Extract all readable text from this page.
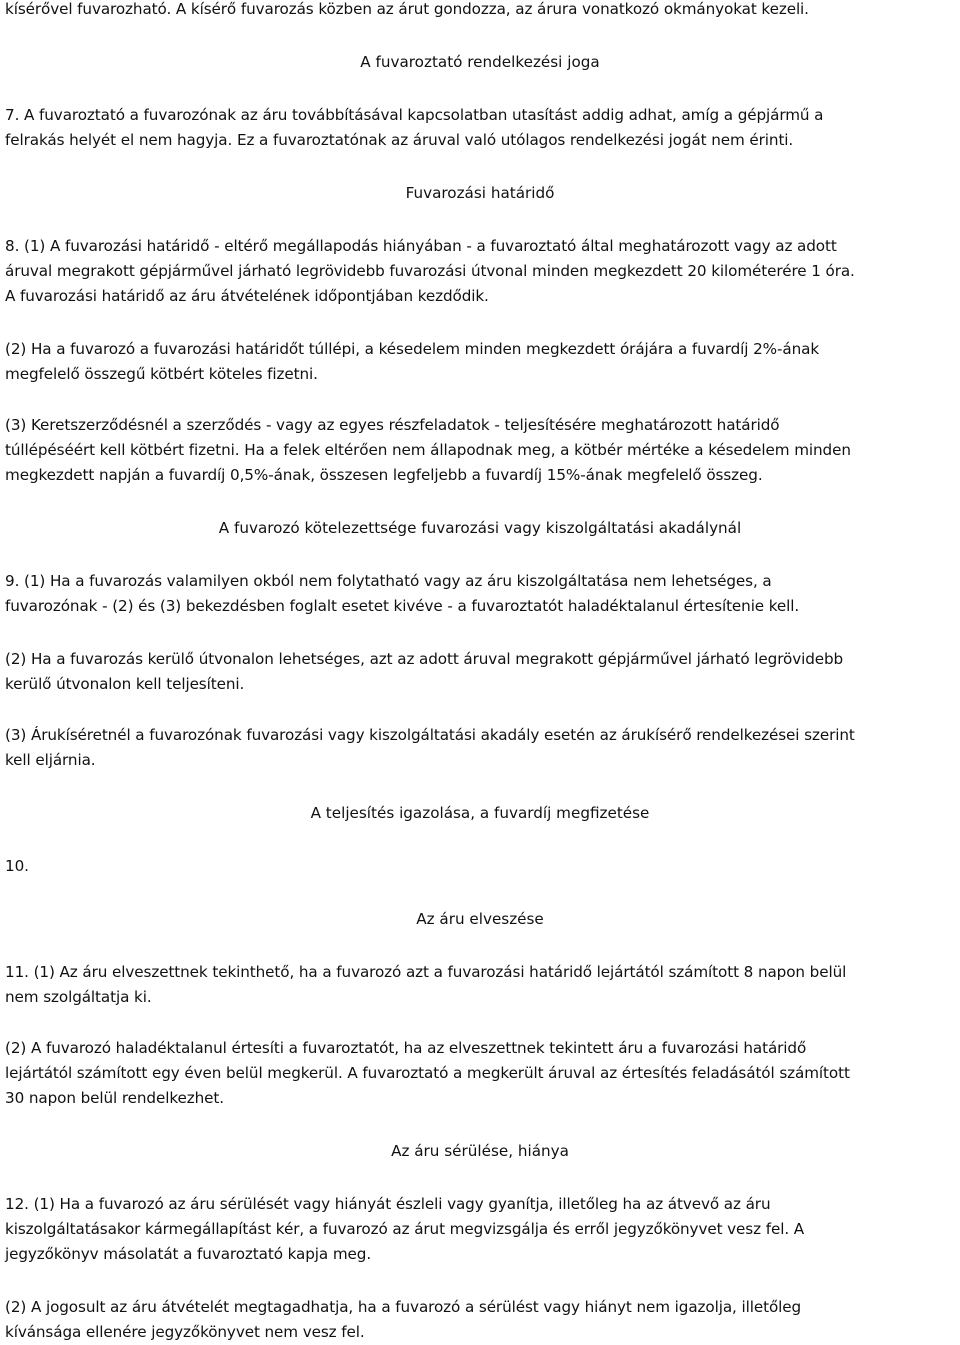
kísérővel fuvarozható. A kísérő fuvarozás közben az árut gondozza, az árura vonatkozó okmányokat kezeli.
A fuvaroztató rendelkezési joga
7. A fuvaroztató a fuvarozónak az áru továbbításával kapcsolatban utasítást addig adhat, amíg a gépjármű a
felrakás helyét el nem hagyja. Ez a fuvaroztatónak az áruval való utólagos rendelkezési jogát nem érinti.
Fuvarozási határidő
8. (1) A fuvarozási határidő - eltérő megállapodás hiányában - a fuvaroztató által meghatározott vagy az adott
áruval megrakott gépjárművel járható legrövidebb fuvarozási útvonal minden megkezdett 20 kilométerére 1 óra.
A fuvarozási határidő az áru átvételének időpontjában kezdődik.
(2) Ha a fuvarozó a fuvarozási határidőt túllépi, a késedelem minden megkezdett órájára a fuvardíj 2%-ának
megfelelő összegű kötbért köteles fizetni.
(3) Keretszerződésnél a szerződés - vagy az egyes részfeladatok - teljesítésére meghatározott határidő
túllépéséért kell kötbért fizetni. Ha a felek eltérően nem állapodnak meg, a kötbér mértéke a késedelem minden
megkezdett napján a fuvardíj 0,5%-ának, összesen legfeljebb a fuvardíj 15%-ának megfelelő összeg.
A fuvarozó kötelezettsége fuvarozási vagy kiszolgáltatási akadálynál
9. (1) Ha a fuvarozás valamilyen okból nem folytatható vagy az áru kiszolgáltatása nem lehetséges, a
fuvarozónak - (2) és (3) bekezdésben foglalt esetet kivéve - a fuvaroztatót haladéktalanul értesítenie kell.
(2) Ha a fuvarozás kerülő útvonalon lehetséges, azt az adott áruval megrakott gépjárművel járható legrövidebb
kerülő útvonalon kell teljesíteni.
(3) Árukíséretnél a fuvarozónak fuvarozási vagy kiszolgáltatási akadály esetén az árukísérő rendelkezései szerint
kell eljárnia.
A teljesítés igazolása, a fuvardíj megfizetése
10.
Az áru elveszése
11. (1) Az áru elveszettnek tekinthető, ha a fuvarozó azt a fuvarozási határidő lejártától számított 8 napon belül
nem szolgáltatja ki.
(2) A fuvarozó haladéktalanul értesíti a fuvaroztatót, ha az elveszettnek tekintett áru a fuvarozási határidő
lejártától számított egy éven belül megkerül. A fuvaroztató a megkerült áruval az értesítés feladásától számított
30 napon belül rendelkezhet.
Az áru sérülése, hiánya
12. (1) Ha a fuvarozó az áru sérülését vagy hiányát észleli vagy gyanítja, illetőleg ha az átvevő az áru
kiszolgáltatásakor kármegállapítást kér, a fuvarozó az árut megvizsgálja és erről jegyzőkönyvet vesz fel. A
jegyzőkönyv másolatát a fuvaroztató kapja meg.
(2) A jogosult az áru átvételét megtagadhatja, ha a fuvarozó a sérülést vagy hiányt nem igazolja, illetőleg
kívánsága ellenére jegyzőkönyvet nem vesz fel.
